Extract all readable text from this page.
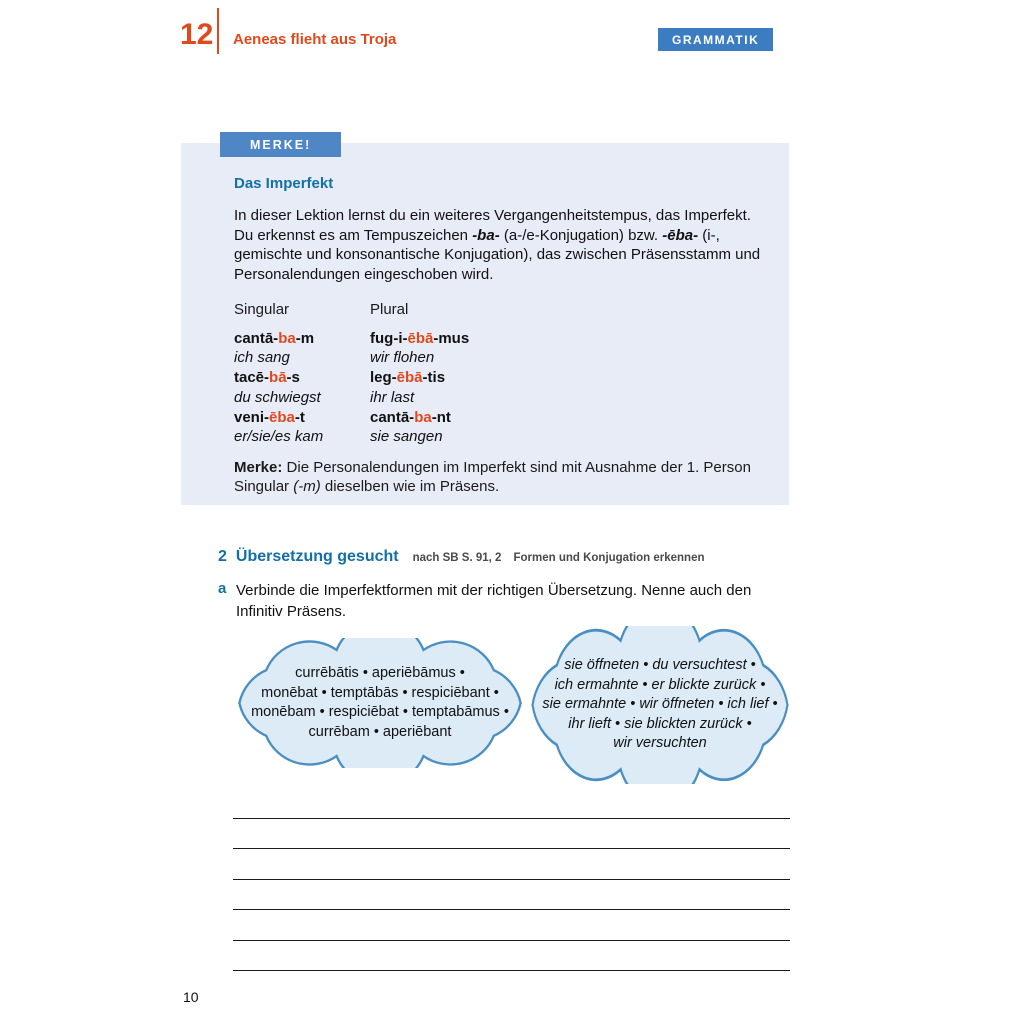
12 Aeneas flieht aus Troja	GRAMMATIK
MERKE!
Das Imperfekt
In dieser Lektion lernst du ein weiteres Vergangenheitstempus, das Imperfekt. Du erkennst es am Tempuszeichen -ba- (a-/e-Konjugation) bzw. -ēba- (i-, gemischte und konsonantische Konjugation), das zwischen Präsensstamm und Personalendungen eingeschoben wird.
Singular	Plural
cantā-ba-m	fug-i-ēbā-mus
ich sang	wir flohen
tacē-bā-s	leg-ēbā-tis
du schwiegst	ihr last
veni-ēba-t	cantā-ba-nt
er/sie/es kam	sie sangen
Merke: Die Personalendungen im Imperfekt sind mit Ausnahme der 1. Person Singular (-m) dieselben wie im Präsens.
2 Übersetzung gesucht nach SB S. 91, 2 Formen und Konjugation erkennen
a Verbinde die Imperfektformen mit der richtigen Übersetzung. Nenne auch den Infinitiv Präsens.
currēbātis • aperiēbāmus •
monēbat • temptābās • respiciēbant •
monēbam • respiciēbat • temptabāmus •
currēbam • aperiēbant
sie öffneten • du versuchtest •
ich ermahnte • er blickte zurück •
sie ermahnte • wir öffneten • ich lief •
ihr lieft • sie blickten zurück •
wir versuchten
10
